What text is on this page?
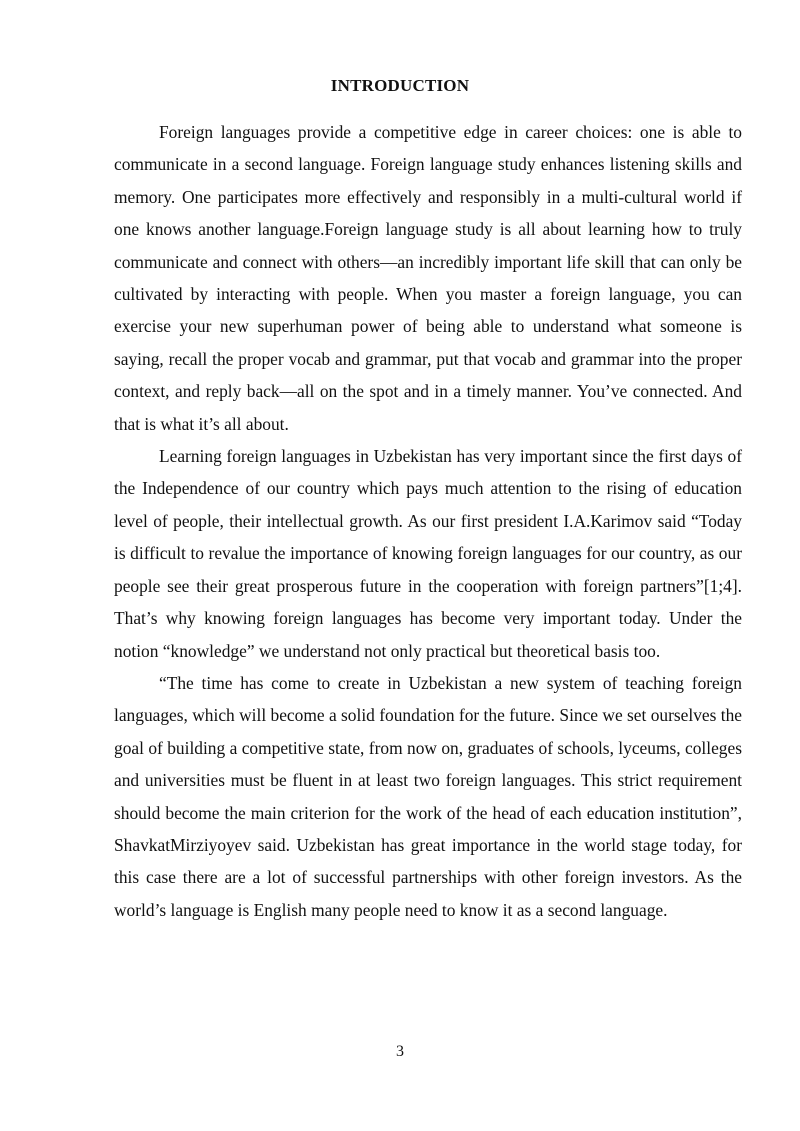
INTRODUCTION

Foreign languages provide a competitive edge in career choices: one is able to communicate in a second language. Foreign language study enhances listening skills and memory. One participates more effectively and responsibly in a multi-cultural world if one knows another language.Foreign language study is all about learning how to truly communicate and connect with others—an incredibly important life skill that can only be cultivated by interacting with people. When you master a foreign language, you can exercise your new superhuman power of being able to understand what someone is saying, recall the proper vocab and grammar, put that vocab and grammar into the proper context, and reply back—all on the spot and in a timely manner. You’ve connected. And that is what it’s all about.

Learning foreign languages in Uzbekistan has very important since the first days of the Independence of our country which pays much attention to the rising of education level of people, their intellectual growth. As our first president I.A.Karimov said “Today is difficult to revalue the importance of knowing foreign languages for our country, as our people see their great prosperous future in the cooperation with foreign partners”[1;4]. That’s why knowing foreign languages has become very important today. Under the notion “knowledge” we understand not only practical but theoretical basis too.

“The time has come to create in Uzbekistan a new system of teaching foreign languages, which will become a solid foundation for the future. Since we set ourselves the goal of building a competitive state, from now on, graduates of schools, lyceums, colleges and universities must be fluent in at least two foreign languages. This strict requirement should become the main criterion for the work of the head of each education institution”, ShavkatMirziyoyev said. Uzbekistan has great importance in the world stage today, for this case there are a lot of successful partnerships with other foreign investors. As the world’s language is English many people need to know it as a second language.

3
